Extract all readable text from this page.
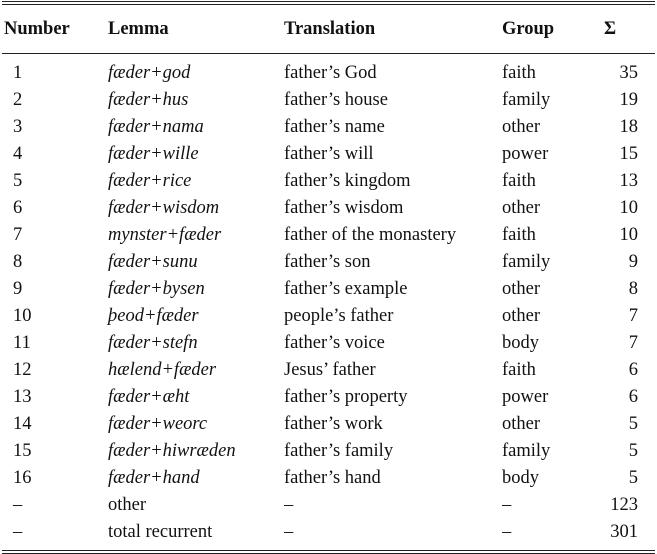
Number	Lemma	Translation	Group	Σ

1	fæder+god	father’s God	faith	35
2	fæder+hus	father’s house	family	19
3	fæder+nama	father’s name	other	18
4	fæder+wille	father’s will	power	15
5	fæder+rice	father’s kingdom	faith	13
6	fæder+wisdom	father’s wisdom	other	10
7	mynster+fæder	father of the monastery	faith	10
8	fæder+sunu	father’s son	family	9
9	fæder+bysen	father’s example	other	8
10	þeod+fæder	people’s father	other	7
11	fæder+stefn	father’s voice	body	7
12	hælend+fæder	Jesus’ father	faith	6
13	fæder+æht	father’s property	power	6
14	fæder+weorc	father’s work	other	5
15	fæder+hiwræden	father’s family	family	5
16	fæder+hand	father’s hand	body	5
–	other	–	–	123
–	total recurrent	–	–	301
